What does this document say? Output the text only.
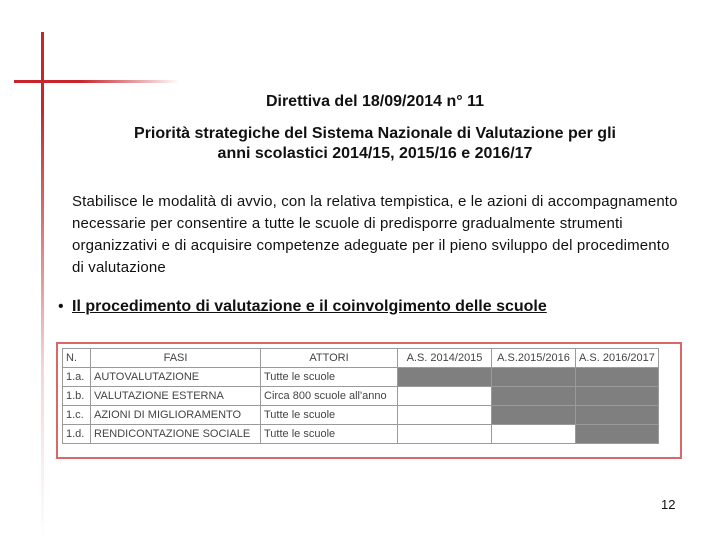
Direttiva del 18/09/2014 n° 11
Priorità strategiche del Sistema Nazionale di Valutazione per gli anni scolastici 2014/15, 2015/16 e 2016/17
Stabilisce le modalità di avvio, con la relativa tempistica, e le azioni di accompagnamento necessarie per consentire a tutte le scuole di predisporre gradualmente strumenti organizzativi e di acquisire competenze adeguate per il pieno sviluppo del procedimento di valutazione
• Il procedimento di valutazione e il coinvolgimento delle scuole
N.	FASI	ATTORI	A.S. 2014/2015	A.S.2015/2016	A.S. 2016/2017
1.a.	AUTOVALUTAZIONE	Tutte le scuole			
1.b.	VALUTAZIONE ESTERNA	Circa 800 scuole all'anno			
1.c.	AZIONI DI MIGLIORAMENTO	Tutte le scuole			
1.d.	RENDICONTAZIONE SOCIALE	Tutte le scuole			
12
